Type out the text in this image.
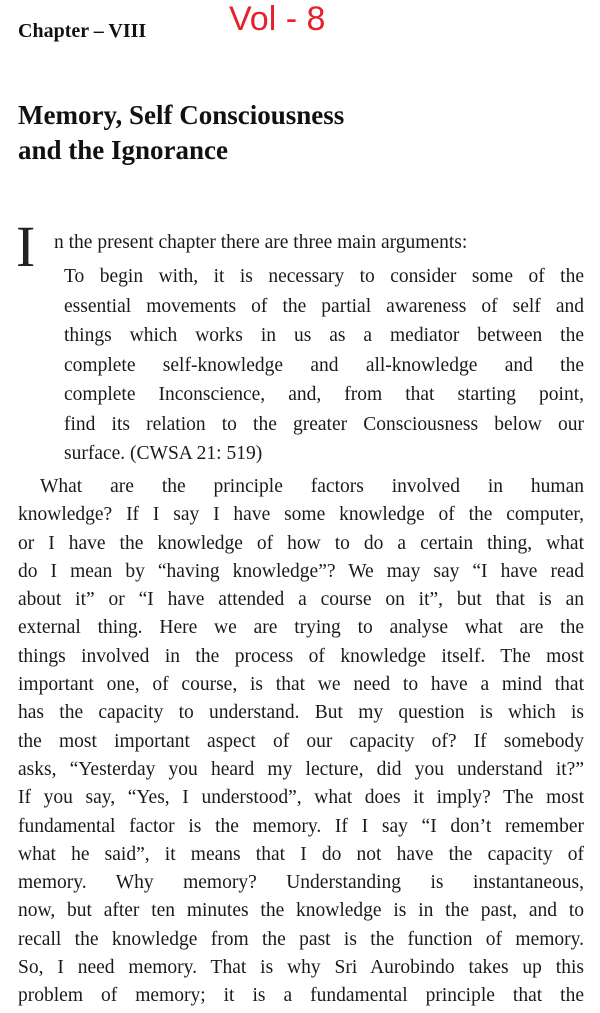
Chapter – VIII Vol - 8
Memory, Self Consciousness
and the Ignorance
I n the present chapter there are three main arguments:
To begin with, it is necessary to consider some of the
essential movements of the partial awareness of self and
things which works in us as a mediator between the
complete self-knowledge and all-knowledge and the
complete Inconscience, and, from that starting point,
find its relation to the greater Consciousness below our
surface. (CWSA 21: 519)
What are the principle factors involved in human
knowledge? If I say I have some knowledge of the computer,
or I have the knowledge of how to do a certain thing, what
do I mean by “having knowledge”? We may say “I have read
about it” or “I have attended a course on it”, but that is an
external thing. Here we are trying to analyse what are the
things involved in the process of knowledge itself. The most
important one, of course, is that we need to have a mind that
has the capacity to understand. But my question is which is
the most important aspect of our capacity of? If somebody
asks, “Yesterday you heard my lecture, did you understand it?”
If you say, “Yes, I understood”, what does it imply? The most
fundamental factor is the memory. If I say “I don’t remember
what he said”, it means that I do not have the capacity of
memory. Why memory? Understanding is instantaneous,
now, but after ten minutes the knowledge is in the past, and to
recall the knowledge from the past is the function of memory.
So, I need memory. That is why Sri Aurobindo takes up this
problem of memory; it is a fundamental principle that the
